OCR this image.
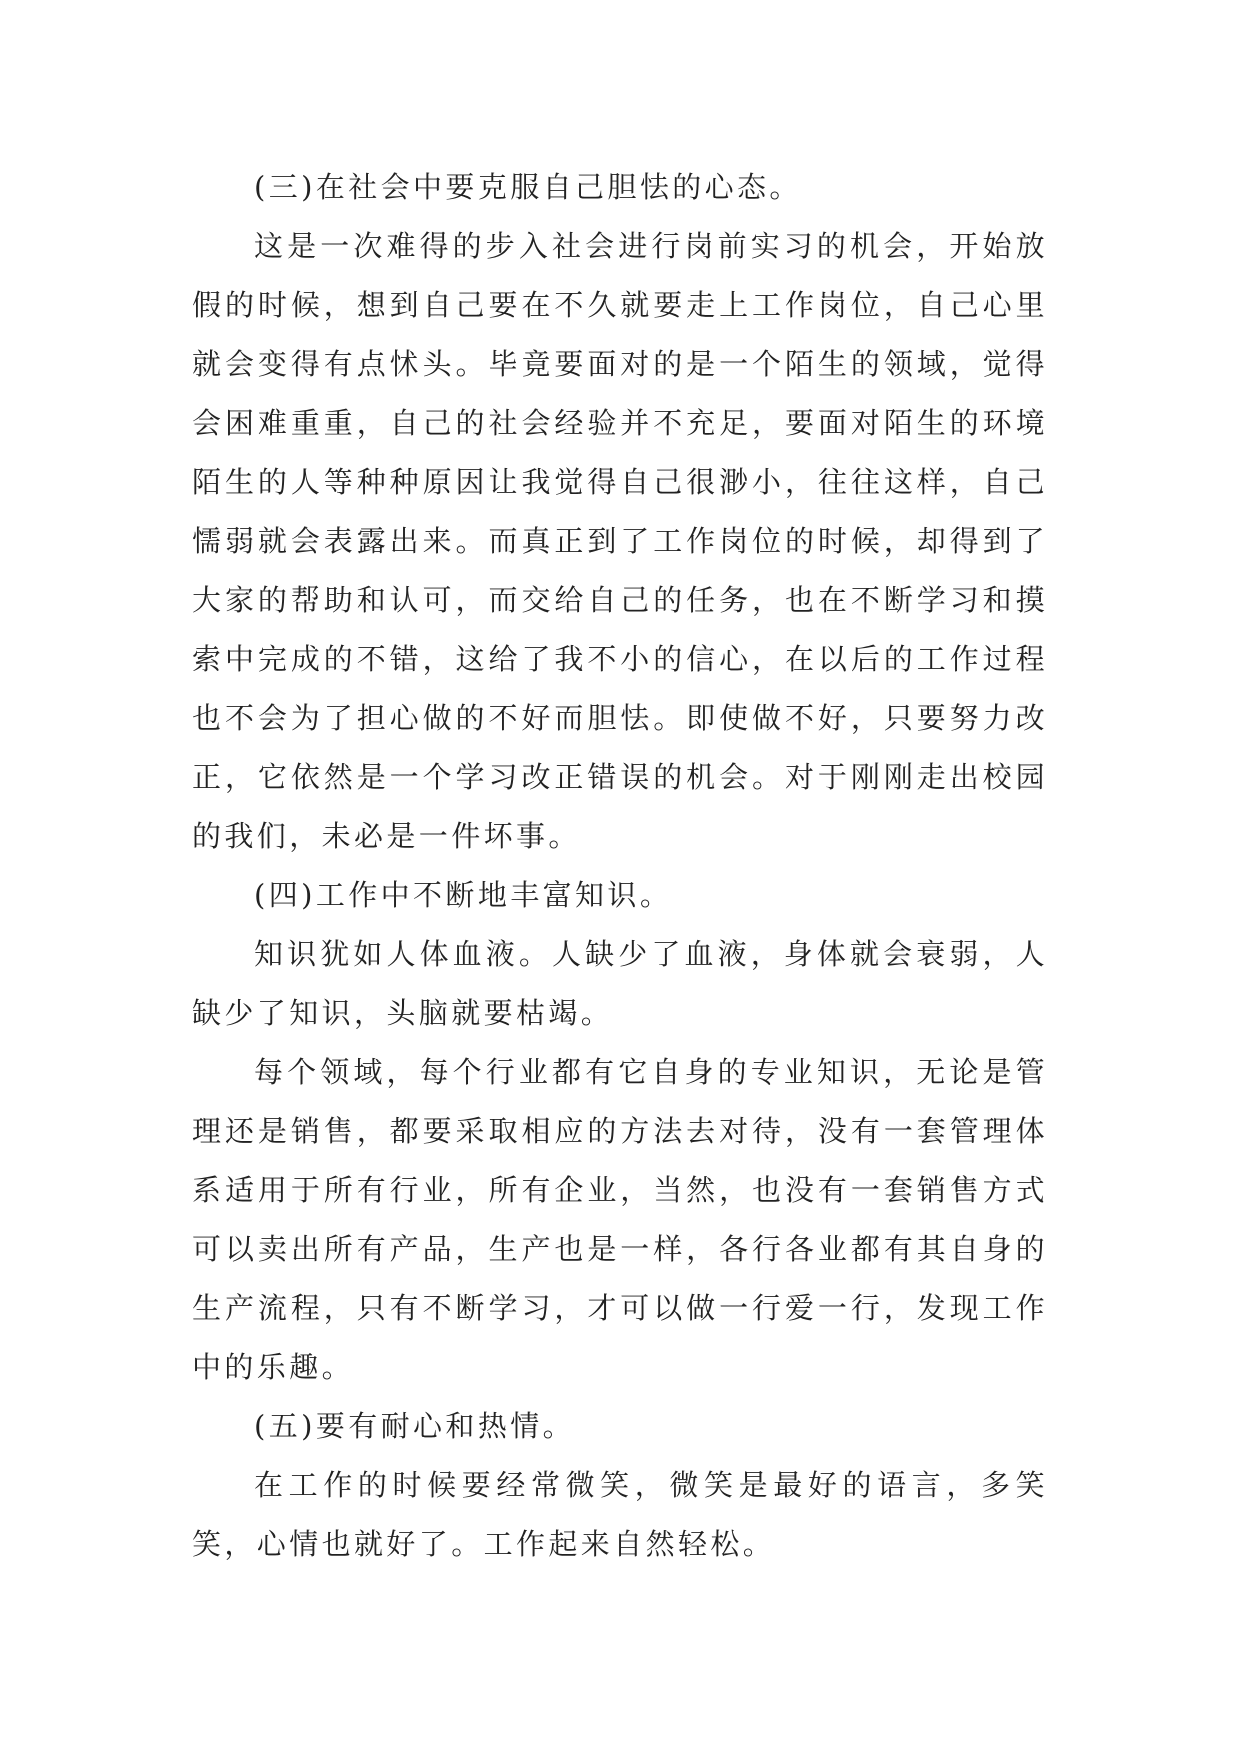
(三)在社会中要克服自己胆怯的心态。

这是一次难得的步入社会进行岗前实习的机会，开始放假的时候，想到自己要在不久就要走上工作岗位，自己心里就会变得有点怵头。毕竟要面对的是一个陌生的领域，觉得会困难重重，自己的社会经验并不充足，要面对陌生的环境陌生的人等种种原因让我觉得自己很渺小，往往这样，自己懦弱就会表露出来。而真正到了工作岗位的时候，却得到了大家的帮助和认可，而交给自己的任务，也在不断学习和摸索中完成的不错，这给了我不小的信心，在以后的工作过程也不会为了担心做的不好而胆怯。即使做不好，只要努力改正，它依然是一个学习改正错误的机会。对于刚刚走出校园的我们，未必是一件坏事。

(四)工作中不断地丰富知识。

知识犹如人体血液。人缺少了血液，身体就会衰弱，人缺少了知识，头脑就要枯竭。

每个领域，每个行业都有它自身的专业知识，无论是管理还是销售，都要采取相应的方法去对待，没有一套管理体系适用于所有行业，所有企业，当然，也没有一套销售方式可以卖出所有产品，生产也是一样，各行各业都有其自身的生产流程，只有不断学习，才可以做一行爱一行，发现工作中的乐趣。

(五)要有耐心和热情。

在工作的时候要经常微笑，微笑是最好的语言，多笑笑，心情也就好了。工作起来自然轻松。
